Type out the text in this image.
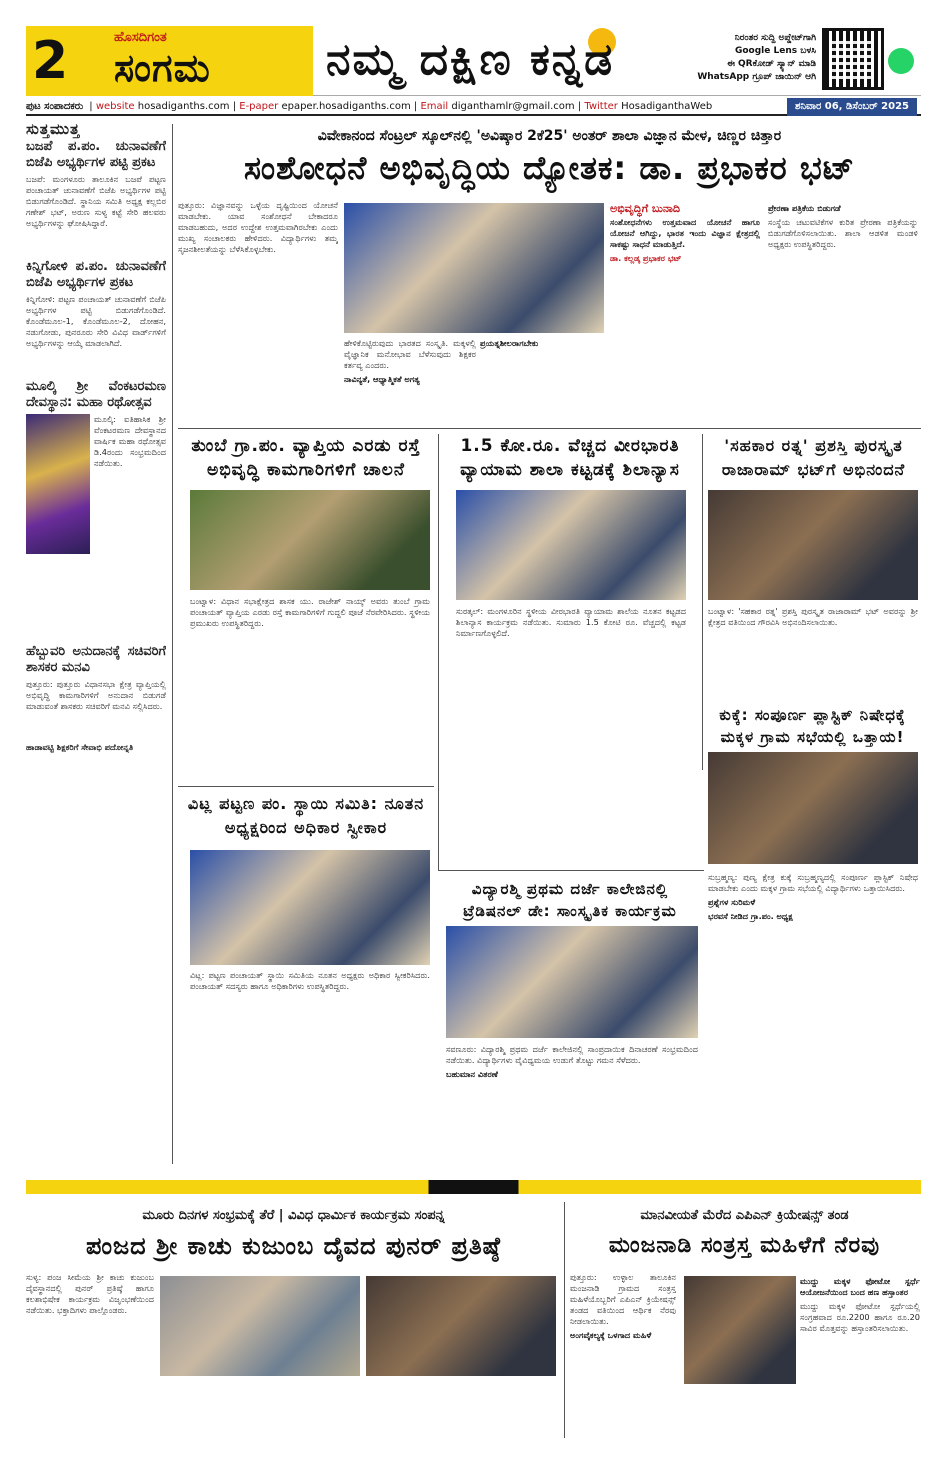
2	ಹೊಸದಿಗಂತ
ಸಂಗಮ	ನಮ್ಮ ದಕ್ಷಿಣ ಕನ್ನಡ	ನಿರಂತರ ಸುದ್ದಿ ಅಪ್ಡೇಟ್‌ಗಾಗಿ
Google Lens ಬಳಸಿ
ಈ QRಕೋಡ್ ಸ್ಕ್ಯಾನ್ ಮಾಡಿ
WhatsApp ಗ್ರೂಪ್ ಜಾಯಿನ್ ಆಗಿ
ಪುಟ ಸಂಪಾದಕರು | website hosadiganths.com | E-paper epaper.hosadiganths.com | Email diganthamlr@gmail.com | Twitter HosadiganthaWeb	ಶನಿವಾರ 06, ಡಿಸೆಂಬರ್ 2025
ಸುತ್ತಮುತ್ತ
ಬಜಪೆ ಪ.ಪಂ. ಚುನಾವಣೆಗೆ ಬಿಜೆಪಿ ಅಭ್ಯರ್ಥಿಗಳ ಪಟ್ಟಿ ಪ್ರಕಟ

ಬಜಪೆ: ಮಂಗಳೂರು ತಾಲೂಕಿನ ಬಜಪೆ ಪಟ್ಟಣ ಪಂಚಾಯತ್ ಚುನಾವಣೆಗೆ ಬಿಜೆಪಿ ಅಭ್ಯರ್ಥಿಗಳ ಪಟ್ಟಿ ಬಿಡುಗಡೆಗೊಂಡಿದೆ. ಸ್ಥಾನಿಯ ಸಮಿತಿ ಅಧ್ಯಕ್ಷ ಕಲ್ಲಬಿರ ಗಣೇಶ್ ಭಟ್, ಅರುಣ ಸುಳ್ಯ ಕಟ್ಟೆ ಸೇರಿ ಹಲವರು ಅಭ್ಯರ್ಥಿಗಳನ್ನು ಘೋಷಿಸಿದ್ದಾರೆ.

ಕಿನ್ನಿಗೋಳಿ ಪ.ಪಂ. ಚುನಾವಣೆಗೆ ಬಿಜೆಪಿ ಅಭ್ಯರ್ಥಿಗಳ ಪ್ರಕಟ

ಕಿನ್ನಿಗೋಳಿ: ಪಟ್ಟಣ ಪಂಚಾಯತ್ ಚುನಾವಣೆಗೆ ಬಿಜೆಪಿ ಅಭ್ಯರ್ಥಿಗಳ ಪಟ್ಟಿ ಬಿಡುಗಡೆಗೊಂಡಿದೆ. ಕೊಂಡೆಮೂಲ-1, ಕೊಂಡೆಮೂಲ-2, ದೋಹನ, ನಡುಗೋಡು, ಪುನರೂರು ಸೇರಿ ವಿವಿಧ ವಾರ್ಡ್‌ಗಳಿಗೆ ಅಭ್ಯರ್ಥಿಗಳನ್ನು ಆಯ್ಕೆ ಮಾಡಲಾಗಿದೆ.

ಮೂಲ್ಕಿ ಶ್ರೀ ವೆಂಕಟರಮಣ ದೇವಸ್ಥಾನ: ಮಹಾ ರಥೋತ್ಸವ

ಮೂಲ್ಕಿ: ಐತಿಹಾಸಿಕ ಶ್ರೀ ವೆಂಕಟರಮಣ ದೇವಸ್ಥಾನದ ವಾರ್ಷಿಕ ಮಹಾ ರಥೋತ್ಸವ ಡಿ.4ರಂದು ಸಂಭ್ರಮದಿಂದ ನಡೆಯಿತು.

ಹೆಬ್ಬುವರಿ ಅನುದಾನಕ್ಕೆ ಸಚಿವರಿಗೆ ಶಾಸಕರ ಮನವಿ

ಪುತ್ತೂರು: ಪುತ್ತೂರು ವಿಧಾನಸಭಾ ಕ್ಷೇತ್ರ ವ್ಯಾಪ್ತಿಯಲ್ಲಿ ಅಭಿವೃದ್ಧಿ ಕಾಮಗಾರಿಗಳಿಗೆ ಅನುದಾನ ಬಿಡುಗಡೆ ಮಾಡುವಂತೆ ಶಾಸಕರು ಸಚಿವರಿಗೆ ಮನವಿ ಸಲ್ಲಿಸಿದರು.

ಹಾಡಾವಟ್ಟಿ ಶಿಕ್ಷಕರಿಗೆ ಸೇವಾಭಿ ಪದೋನ್ನತಿ

ವಿವೇಕಾನಂದ ಸೆಂಟ್ರಲ್ ಸ್ಕೂಲ್‌ನಲ್ಲಿ 'ಅವಿಷ್ಕಾರ 2ಕೆ25' ಅಂತರ್ ಶಾಲಾ ವಿಜ್ಞಾನ ಮೇಳ, ಚಿಣ್ಣರ ಚಿತ್ತಾರ
ಸಂಶೋಧನೆ ಅಭಿವೃದ್ಧಿಯ ದ್ಯೋತಕ: ಡಾ. ಪ್ರಭಾಕರ ಭಟ್

ಪುತ್ತೂರು: ವಿಜ್ಞಾನವನ್ನು ಒಳ್ಳೆಯ ದೃಷ್ಟಿಯಿಂದ ಯೋಚನೆ ಮಾಡಬೇಕು. ಯಾವ ಸಂಶೋಧನೆ ಬೇಕಾದರೂ ಮಾಡಬಹುದು, ಅದರ ಉದ್ದೇಶ ಉತ್ತಮವಾಗಿರಬೇಕು ಎಂದು ಮುಖ್ಯ ಸಂಚಾಲಕರು ಹೇಳಿದರು. ವಿದ್ಯಾರ್ಥಿಗಳು ತಮ್ಮ ಸೃಜನಶೀಲತೆಯನ್ನು ಬೆಳೆಸಿಕೊಳ್ಳಬೇಕು.

ಹೇಳಿಕೊಟ್ಟಿರುವುದು ಭಾರತದ ಸಂಸ್ಕೃತಿ. ಮಕ್ಕಳಲ್ಲಿ ವೈಜ್ಞಾನಿಕ ಮನೋಭಾವ ಬೆಳೆಸುವುದು ಶಿಕ್ಷಕರ ಕರ್ತವ್ಯ ಎಂದರು.

ನಾವಿನ್ಯತೆ, ಆಧ್ಯಾತ್ಮಿಕತೆ ಅಗತ್ಯ

ಪ್ರಯತ್ನಶೀಲರಾಗಬೇಕು

ಅಭಿವೃದ್ಧಿಗೆ ಬುನಾದಿ

ಸಂಶೋಧನೆಗಳು ಉತ್ತಮವಾದ ಯೋಚನೆ ಹಾಗೂ ಯೋಜನೆ ಆಗಿದ್ದು, ಭಾರತ ಇಂದು ವಿಜ್ಞಾನ ಕ್ಷೇತ್ರದಲ್ಲಿ ಸಾಕಷ್ಟು ಸಾಧನೆ ಮಾಡುತ್ತಿದೆ.

ಡಾ. ಕಲ್ಲಡ್ಕ ಪ್ರಭಾಕರ ಭಟ್

ಪ್ರೇರಣಾ ಪತ್ರಿಕೆಯ ಬಿಡುಗಡೆ

ಸಂಸ್ಥೆಯ ಚಟುವಟಿಕೆಗಳ ಕುರಿತ ಪ್ರೇರಣಾ ಪತ್ರಿಕೆಯನ್ನು ಬಿಡುಗಡೆಗೊಳಿಸಲಾಯಿತು. ಶಾಲಾ ಆಡಳಿತ ಮಂಡಳಿ ಅಧ್ಯಕ್ಷರು ಉಪಸ್ಥಿತರಿದ್ದರು.

ತುಂಬೆ ಗ್ರಾ.ಪಂ. ವ್ಯಾಪ್ತಿಯ ಎರಡು ರಸ್ತೆ ಅಭಿವೃದ್ಧಿ ಕಾಮಗಾರಿಗಳಿಗೆ ಚಾಲನೆ

ಬಂಟ್ವಾಳ: ವಿಧಾನ ಸಭಾಕ್ಷೇತ್ರದ ಶಾಸಕ ಯು. ರಾಜೇಶ್ ನಾಯ್ಕ್ ಅವರು ತುಂಬೆ ಗ್ರಾಮ ಪಂಚಾಯತ್ ವ್ಯಾಪ್ತಿಯ ಎರಡು ರಸ್ತೆ ಕಾಮಗಾರಿಗಳಿಗೆ ಗುದ್ದಲಿ ಪೂಜೆ ನೆರವೇರಿಸಿದರು. ಸ್ಥಳೀಯ ಪ್ರಮುಖರು ಉಪಸ್ಥಿತರಿದ್ದರು.

1.5 ಕೋ.ರೂ. ವೆಚ್ಚದ ವೀರಭಾರತಿ ವ್ಯಾಯಾಮ ಶಾಲಾ ಕಟ್ಟಡಕ್ಕೆ ಶಿಲಾನ್ಯಾಸ

ಸುರತ್ಕಲ್: ಮಂಗಳೂರಿನ ಸ್ಥಳೀಯ ವೀರಭಾರತಿ ವ್ಯಾಯಾಮ ಶಾಲೆಯ ನೂತನ ಕಟ್ಟಡದ ಶಿಲಾನ್ಯಾಸ ಕಾರ್ಯಕ್ರಮ ನಡೆಯಿತು. ಸುಮಾರು 1.5 ಕೋಟಿ ರೂ. ವೆಚ್ಚದಲ್ಲಿ ಕಟ್ಟಡ ನಿರ್ಮಾಣಗೊಳ್ಳಲಿದೆ.

'ಸಹಕಾರ ರತ್ನ' ಪ್ರಶಸ್ತಿ ಪುರಸ್ಕೃತ ರಾಜಾರಾಮ್ ಭಟ್‌ಗೆ ಅಭಿನಂದನೆ

ಬಂಟ್ವಾಳ: 'ಸಹಕಾರ ರತ್ನ' ಪ್ರಶಸ್ತಿ ಪುರಸ್ಕೃತ ರಾಜಾರಾಮ್ ಭಟ್ ಅವರನ್ನು ಶ್ರೀ ಕ್ಷೇತ್ರದ ವತಿಯಿಂದ ಗೌರವಿಸಿ ಅಭಿನಂದಿಸಲಾಯಿತು.

ಕುಕ್ಕೆ: ಸಂಪೂರ್ಣ ಪ್ಲಾಸ್ಟಿಕ್ ನಿಷೇಧಕ್ಕೆ ಮಕ್ಕಳ ಗ್ರಾಮ ಸಭೆಯಲ್ಲಿ ಒತ್ತಾಯ!

ಸುಬ್ರಹ್ಮಣ್ಯ: ಪುಣ್ಯ ಕ್ಷೇತ್ರ ಕುಕ್ಕೆ ಸುಬ್ರಹ್ಮಣ್ಯದಲ್ಲಿ ಸಂಪೂರ್ಣ ಪ್ಲಾಸ್ಟಿಕ್ ನಿಷೇಧ ಮಾಡಬೇಕು ಎಂದು ಮಕ್ಕಳ ಗ್ರಾಮ ಸಭೆಯಲ್ಲಿ ವಿದ್ಯಾರ್ಥಿಗಳು ಒತ್ತಾಯಿಸಿದರು.

ಪ್ರಶ್ನೆಗಳ ಸುರಿಮಳೆ

ಭರವಸೆ ನೀಡಿದ ಗ್ರಾ.ಪಂ. ಅಧ್ಯಕ್ಷ

ವಿಟ್ಲ ಪಟ್ಟಣ ಪಂ. ಸ್ಥಾಯಿ ಸಮಿತಿ: ನೂತನ ಅಧ್ಯಕ್ಷರಿಂದ ಅಧಿಕಾರ ಸ್ವೀಕಾರ

ವಿಟ್ಲ: ಪಟ್ಟಣ ಪಂಚಾಯತ್ ಸ್ಥಾಯಿ ಸಮಿತಿಯ ನೂತನ ಅಧ್ಯಕ್ಷರು ಅಧಿಕಾರ ಸ್ವೀಕರಿಸಿದರು. ಪಂಚಾಯತ್ ಸದಸ್ಯರು ಹಾಗೂ ಅಧಿಕಾರಿಗಳು ಉಪಸ್ಥಿತರಿದ್ದರು.

ವಿದ್ಯಾರಶ್ಮಿ ಪ್ರಥಮ ದರ್ಜೆ ಕಾಲೇಜಿನಲ್ಲಿ ಟ್ರೆಡಿಷನಲ್ ಡೇ: ಸಾಂಸ್ಕೃತಿಕ ಕಾರ್ಯಕ್ರಮ

ಸವಣೂರು: ವಿದ್ಯಾರಶ್ಮಿ ಪ್ರಥಮ ದರ್ಜೆ ಕಾಲೇಜಿನಲ್ಲಿ ಸಾಂಪ್ರದಾಯಿಕ ದಿನಾಚರಣೆ ಸಂಭ್ರಮದಿಂದ ನಡೆಯಿತು. ವಿದ್ಯಾರ್ಥಿಗಳು ವೈವಿಧ್ಯಮಯ ಉಡುಗೆ ತೊಟ್ಟು ಗಮನ ಸೆಳೆದರು.

ಬಹುಮಾನ ವಿತರಣೆ

ಮೂರು ದಿನಗಳ ಸಂಭ್ರಮಕ್ಕೆ ತೆರೆ | ವಿವಿಧ ಧಾರ್ಮಿಕ ಕಾರ್ಯಕ್ರಮ ಸಂಪನ್ನ
ಪಂಜದ ಶ್ರೀ ಕಾಚು ಕುಜುಂಬ ದೈವದ ಪುನರ್ ಪ್ರತಿಷ್ಠೆ

ಸುಳ್ಯ: ಪಂಜ ಸೀಮೆಯ ಶ್ರೀ ಕಾಚು ಕುಜುಂಬ ದೈವಸ್ಥಾನದಲ್ಲಿ ಪುನರ್ ಪ್ರತಿಷ್ಠೆ ಹಾಗೂ ಕಲಶಾಭಿಷೇಕ ಕಾರ್ಯಕ್ರಮ ವಿಜೃಂಭಣೆಯಿಂದ ನಡೆಯಿತು. ಭಕ್ತಾದಿಗಳು ಪಾಲ್ಗೊಂಡರು.

ಮಾನವೀಯತೆ ಮೆರೆದ ಎಪಿಎನ್ ಕ್ರಿಯೇಷನ್ಸ್ ತಂಡ
ಮಂಜನಾಡಿ ಸಂತ್ರಸ್ತ ಮಹಿಳೆಗೆ ನೆರವು

ಪುತ್ತೂರು: ಉಳ್ಳಾಲ ತಾಲೂಕಿನ ಮಂಜನಾಡಿ ಗ್ರಾಮದ ಸಂತ್ರಸ್ತ ಮಹಿಳೆಯೊಬ್ಬರಿಗೆ ಎಪಿಎನ್ ಕ್ರಿಯೇಷನ್ಸ್ ತಂಡದ ವತಿಯಿಂದ ಆರ್ಥಿಕ ನೆರವು ನೀಡಲಾಯಿತು.

ಅಂಗವೈಕಲ್ಯಕ್ಕೆ ಒಳಗಾದ ಮಹಿಳೆ

ಮುದ್ದು ಮಕ್ಕಳ ಫೋಟೋ ಸ್ಪರ್ಧೆ ಆಯೋಜನೆಯಿಂದ ಬಂದ ಹಣ ಹಸ್ತಾಂತರ

ಮುದ್ದು ಮಕ್ಕಳ ಫೋಟೋ ಸ್ಪರ್ಧೆಯಲ್ಲಿ ಸಂಗ್ರಹವಾದ ರೂ.2200 ಹಾಗೂ ರೂ.20 ಸಾವಿರ ಮೊತ್ತವನ್ನು ಹಸ್ತಾಂತರಿಸಲಾಯಿತು.
